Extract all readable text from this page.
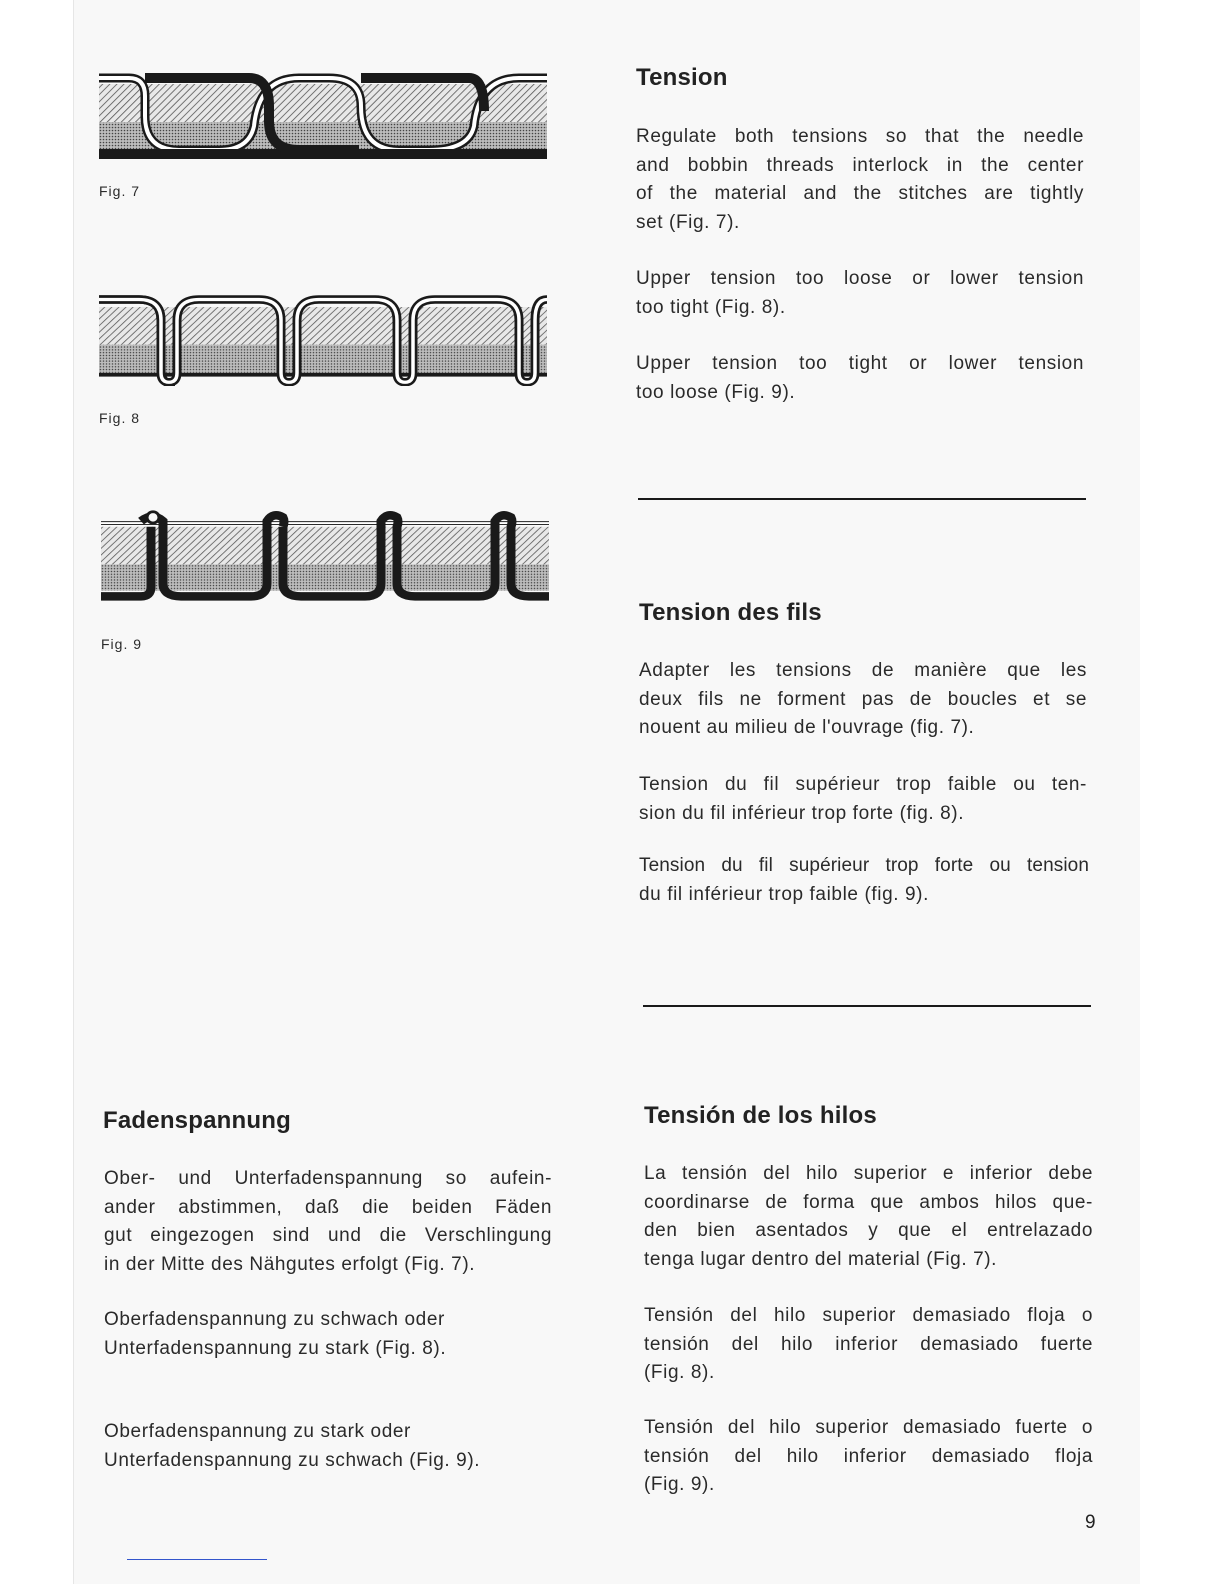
Fig. 7
Fig. 8
Fig. 9
Tension
Regulate both tensions so that the needle
and bobbin threads interlock in the center
of the material and the stitches are tightly
set (Fig. 7).
Upper tension too loose or lower tension
too tight (Fig. 8).
Upper tension too tight or lower tension
too loose (Fig. 9).
Tension des fils
Adapter les tensions de manière que les
deux fils ne forment pas de boucles et se
nouent au milieu de l'ouvrage (fig. 7).
Tension du fil supérieur trop faible ou ten-
sion du fil inférieur trop forte (fig. 8).
Tension du fil supérieur trop forte ou tension
du fil inférieur trop faible (fig. 9).
Fadenspannung
Ober- und Unterfadenspannung so aufein-
ander abstimmen, daß die beiden Fäden
gut eingezogen sind und die Verschlingung
in der Mitte des Nähgutes erfolgt (Fig. 7).
Oberfadenspannung zu schwach oder
Unterfadenspannung zu stark (Fig. 8).
Oberfadenspannung zu stark oder
Unterfadenspannung zu schwach (Fig. 9).
Tensión de los hilos
La tensión del hilo superior e inferior debe
coordinarse de forma que ambos hilos que-
den bien asentados y que el entrelazado
tenga lugar dentro del material (Fig. 7).
Tensión del hilo superior demasiado floja o
tensión del hilo inferior demasiado fuerte
(Fig. 8).
Tensión del hilo superior demasiado fuerte o
tensión del hilo inferior demasiado floja
(Fig. 9).
9
